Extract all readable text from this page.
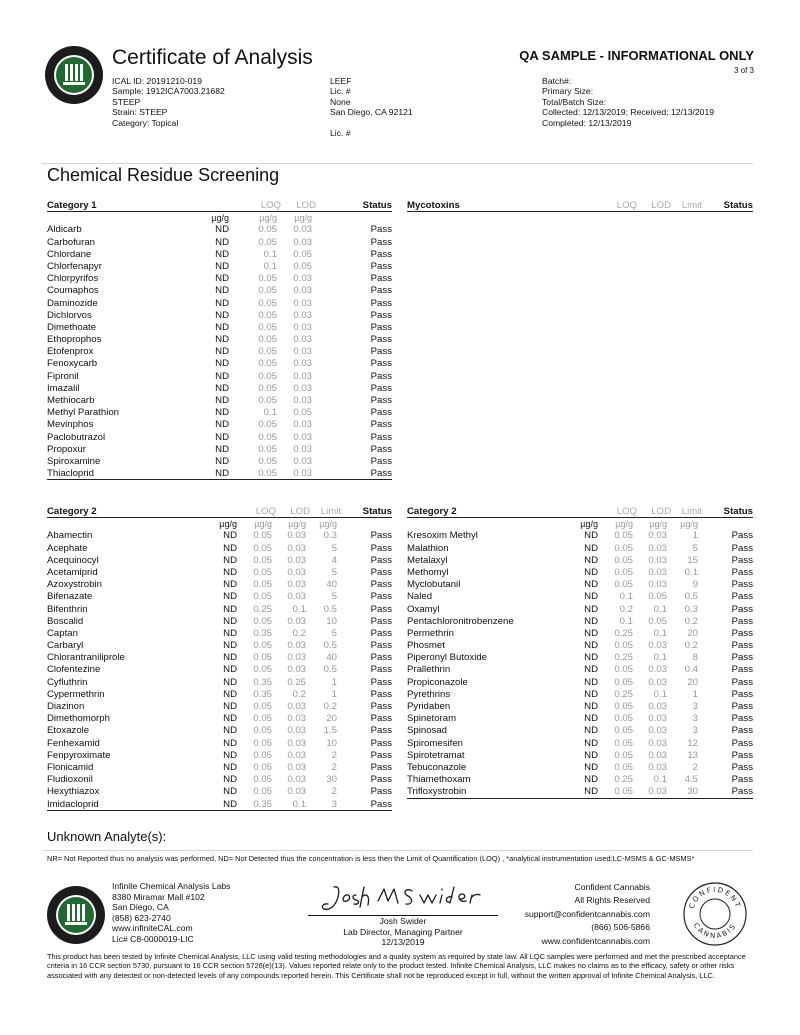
Certificate of Analysis	QA SAMPLE - INFORMATIONAL ONLY
3 of 3
ICAL ID: 20191210-019
Sample: 1912ICA7003.21682
STEEP
Strain: STEEP
Category: Topical
LEEF
Lic. #
None
San Diego, CA 92121

Lic. #
Batch#:
Primary Size:
Total/Batch Size:
Collected: 12/13/2019; Received: 12/13/2019
Completed: 12/13/2019
Chemical Residue Screening
Category 1	LOQ LOD	Status
µg/g	µg/g µg/g
Aldicarb	ND	0.05 0.03	Pass
Carbofuran	ND	0.05 0.03	Pass
Chlordane	ND	0.1 0.05	Pass
Chlorfenapyr	ND	0.1 0.05	Pass
Chlorpyrifos	ND	0.05 0.03	Pass
Coumaphos	ND	0.05 0.03	Pass
Daminozide	ND	0.05 0.03	Pass
Dichlorvos	ND	0.05 0.03	Pass
Dimethoate	ND	0.05 0.03	Pass
Ethoprophos	ND	0.05 0.03	Pass
Etofenprox	ND	0.05 0.03	Pass
Fenoxycarb	ND	0.05 0.03	Pass
Fipronil	ND	0.05 0.03	Pass
Imazalil	ND	0.05 0.03	Pass
Methiocarb	ND	0.05 0.03	Pass
Methyl Parathion	ND	0.1 0.05	Pass
Mevinphos	ND	0.05 0.03	Pass
Paclobutrazol	ND	0.05 0.03	Pass
Propoxur	ND	0.05 0.03	Pass
Spiroxamine	ND	0.05 0.03	Pass
Thiacloprid	ND	0.05 0.03	Pass
Mycotoxins	LOQ LOD Limit Status
Category 2	LOQ LOD Limit Status
µg/g µg/g µg/g µg/g
Abamectin	ND 0.05 0.03 0.3	Pass
Acephate	ND 0.05 0.03	5	Pass
Acequinocyl	ND 0.05 0.03	4	Pass
Acetamiprid	ND 0.05 0.03	5	Pass
Azoxystrobin	ND 0.05 0.03 40	Pass
Bifenazate	ND 0.05 0.03	5	Pass
Bifenthrin	ND 0.25 0.1 0.5	Pass
Boscalid	ND 0.05 0.03 10	Pass
Captan	ND 0.35 0.2	5	Pass
Carbaryl	ND 0.05 0.03 0.5	Pass
Chlorantraniliprole	ND 0.05 0.03 40	Pass
Clofentezine	ND 0.05 0.03 0.5	Pass
Cyfluthrin	ND 0.35 0.25	1	Pass
Cypermethrin	ND 0.35 0.2	1	Pass
Diazinon	ND 0.05 0.03 0.2	Pass
Dimethomorph	ND 0.05 0.03 20	Pass
Etoxazole	ND 0.05 0.03 1.5	Pass
Fenhexamid	ND 0.05 0.03 10	Pass
Fenpyroximate	ND 0.05 0.03	2	Pass
Flonicamid	ND 0.05 0.03	2	Pass
Fludioxonil	ND 0.05 0.03 30	Pass
Hexythiazox	ND 0.05 0.03	2	Pass
Imidacloprid	ND 0.35 0.1	3	Pass
Category 2	LOQ LOD Limit Status
µg/g µg/g µg/g µg/g
Kresoxim Methyl	ND 0.05 0.03	1	Pass
Malathion	ND 0.05 0.03	5	Pass
Metalaxyl	ND 0.05 0.03 15	Pass
Methomyl	ND 0.05 0.03 0.1	Pass
Myclobutanil	ND 0.05 0.03	9	Pass
Naled	ND 0.1 0.05 0.5	Pass
Oxamyl	ND 0.2 0.1 0.3	Pass
Pentachloronitrobenzene	ND 0.1 0.05 0.2	Pass
Permethrin	ND 0.25 0.1 20	Pass
Phosmet	ND 0.05 0.03 0.2	Pass
Piperonyl Butoxide	ND 0.25 0.1	8	Pass
Prallethrin	ND 0.05 0.03 0.4	Pass
Propiconazole	ND 0.05 0.03 20	Pass
Pyrethrins	ND 0.25 0.1	1	Pass
Pyridaben	ND 0.05 0.03	3	Pass
Spinetoram	ND 0.05 0.03	3	Pass
Spinosad	ND 0.05 0.03	3	Pass
Spiromesifen	ND 0.05 0.03 12	Pass
Spirotetramat	ND 0.05 0.03 13	Pass
Tebuconazole	ND 0.05 0.03	2	Pass
Thiamethoxam	ND 0.25 0.1 4.5	Pass
Trifloxystrobin	ND 0.05 0.03 30	Pass
Unknown Analyte(s):
NR= Not Reported thus no analysis was performed, ND= Not Detected thus the concentration is less then the Limit of Quantification (LOQ) , *analytical instrumentation used:LC-MSMS & GC-MSMS*
Infinite Chemical Analysis Labs
8380 Miramar Mall #102
San Diego, CA
(858) 623-2740
www.infiniteCAL.com
Lic# C8-0000019-LIC
Josh Swider
Lab Director, Managing Partner
12/13/2019
Confident Cannabis
All Rights Reserved
support@confidentcannabis.com
(866) 506-5866
www.confidentcannabis.com
CONFIDENT
CANNABIS
This product has been tested by Infinite Chemical Analysis, LLC using valid testing methodologies and a quality system as required by state law. All LQC samples were performed and met the prescribed acceptance criteria in 16 CCR section 5730, pursuant to 16 CCR section 5726(e)(13). Values reported relate only to the product tested. Infinite Chemical Analysis, LLC makes no claims as to the efficacy, safety or other risks associated with any detected or non-detected levels of any compounds reported herein. This Certificate shall not be reproduced except in full, without the written approval of Infinite Chemical Analysis, LLC.
